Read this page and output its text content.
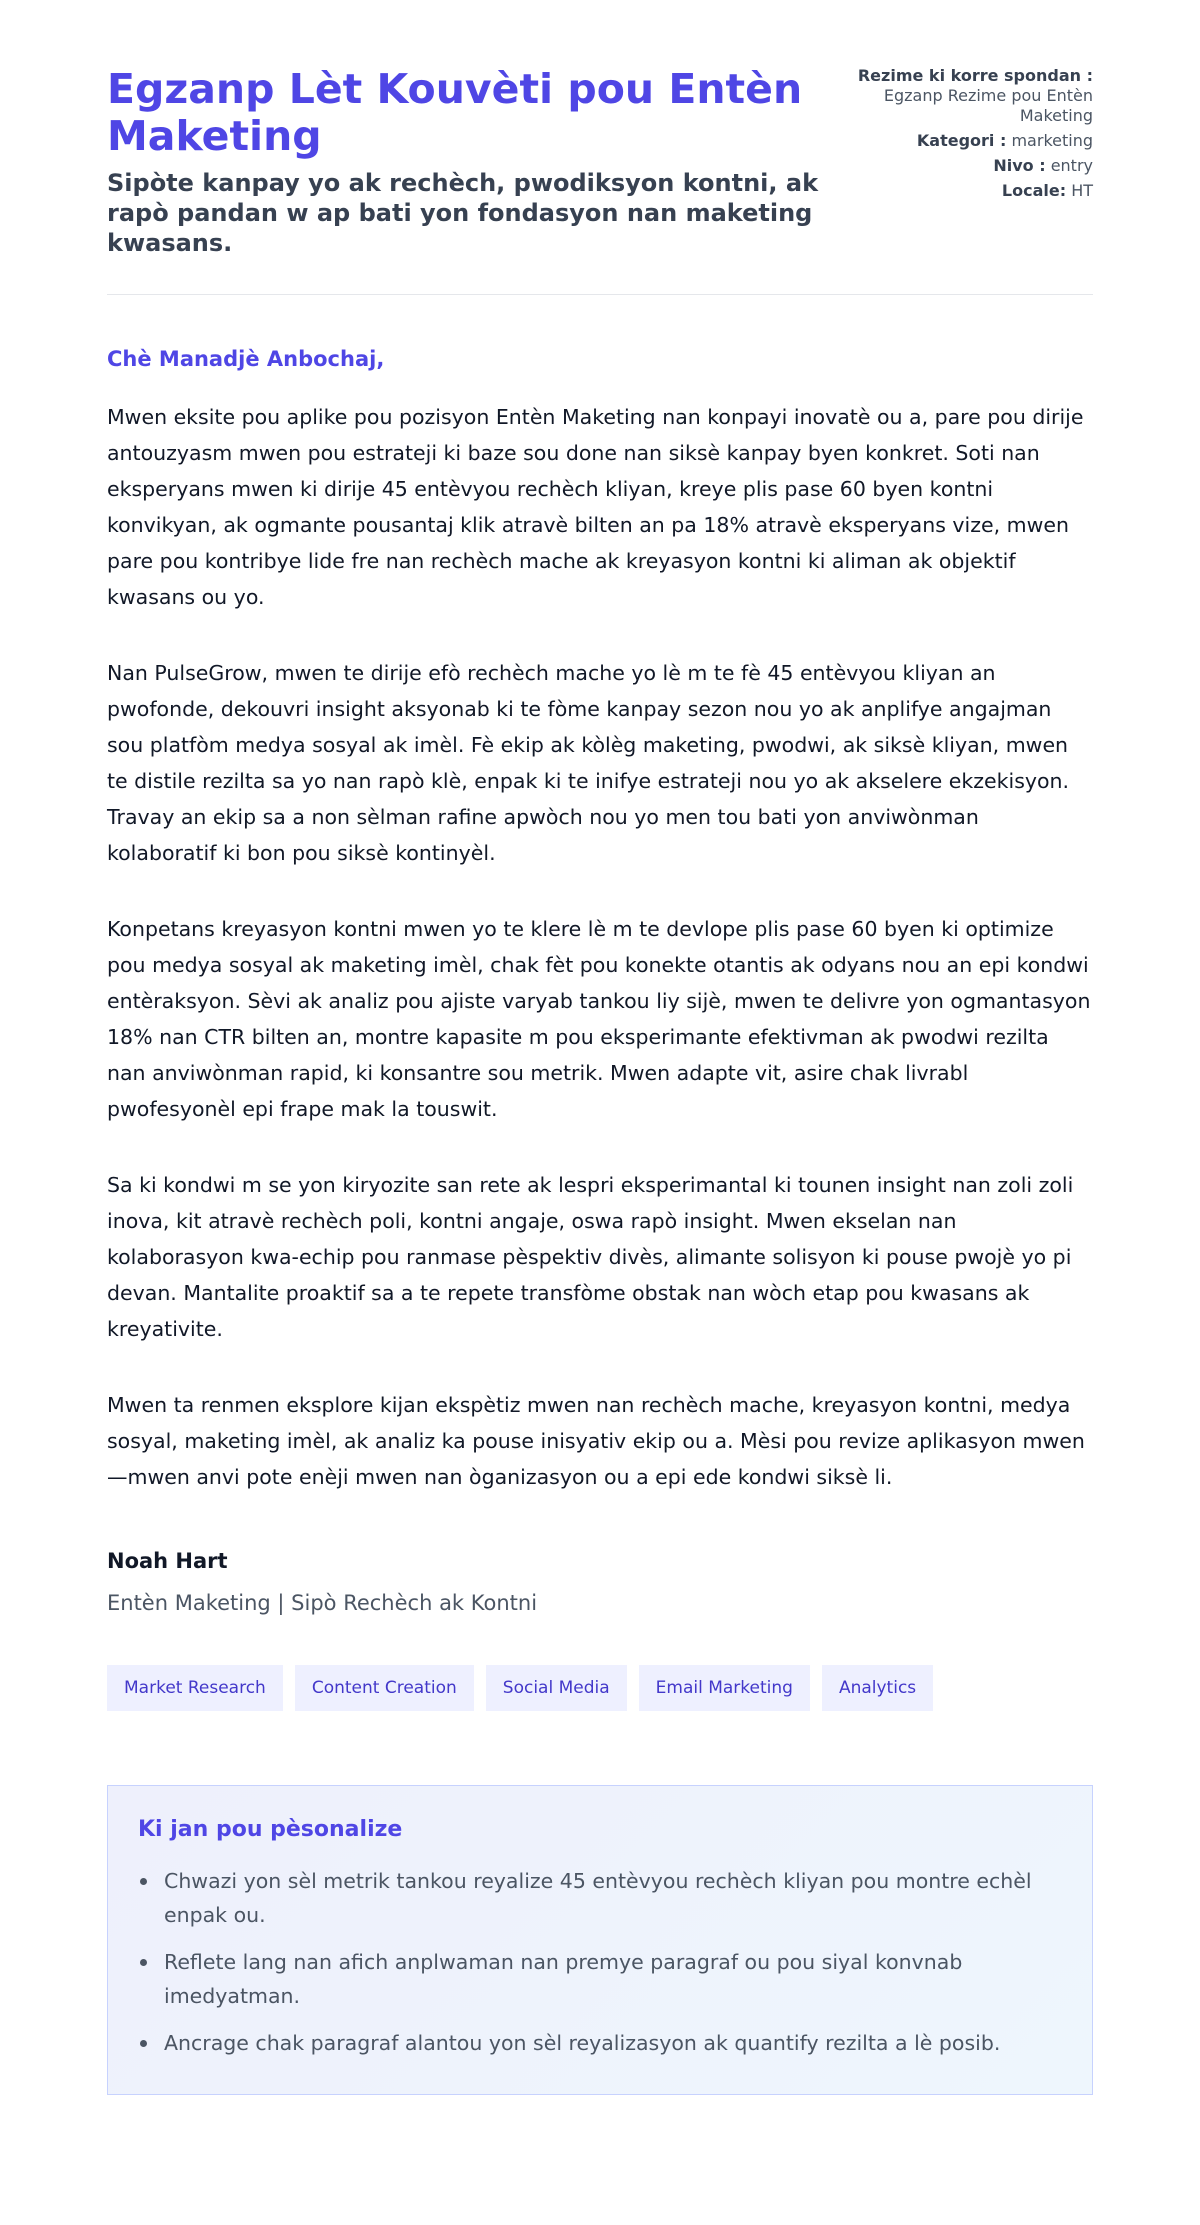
Egzanp Lèt Kouvèti pou Entèn Maketing
Sipòte kanpay yo ak rechèch, pwodiksyon kontni, ak rapò pandan w ap bati yon fondasyon nan maketing kwasans.
Rezime ki korre spondan : Egzanp Rezime pou Entèn Maketing
Kategori : marketing
Nivo : entry
Locale: HT
Chè Manadjè Anbochaj,

Mwen eksite pou aplike pou pozisyon Entèn Maketing nan konpayi inovatè ou a, pare pou dirije antouzyasm mwen pou estrateji ki baze sou done nan siksè kanpay byen konkret. Soti nan eksperyans mwen ki dirije 45 entèvyou rechèch kliyan, kreye plis pase 60 byen kontni konvikyan, ak ogmante pousantaj klik atravè bilten an pa 18% atravè eksperyans vize, mwen pare pou kontribye lide fre nan rechèch mache ak kreyasyon kontni ki aliman ak objektif kwasans ou yo.

Nan PulseGrow, mwen te dirije efò rechèch mache yo lè m te fè 45 entèvyou kliyan an pwofonde, dekouvri insight aksyonab ki te fòme kanpay sezon nou yo ak anplifye angajman sou platfòm medya sosyal ak imèl. Fè ekip ak kòlèg maketing, pwodwi, ak siksè kliyan, mwen te distile rezilta sa yo nan rapò klè, enpak ki te inifye estrateji nou yo ak akselere ekzekisyon. Travay an ekip sa a non sèlman rafine apwòch nou yo men tou bati yon anviwònman kolaboratif ki bon pou siksè kontinyèl.

Konpetans kreyasyon kontni mwen yo te klere lè m te devlope plis pase 60 byen ki optimize pou medya sosyal ak maketing imèl, chak fèt pou konekte otantis ak odyans nou an epi kondwi entèraksyon. Sèvi ak analiz pou ajiste varyab tankou liy sijè, mwen te delivre yon ogmantasyon 18% nan CTR bilten an, montre kapasite m pou eksperimante efektivman ak pwodwi rezilta nan anviwònman rapid, ki konsantre sou metrik. Mwen adapte vit, asire chak livrabl pwofesyonèl epi frape mak la touswit.

Sa ki kondwi m se yon kiryozite san rete ak lespri eksperimantal ki tounen insight nan zoli zoli inova, kit atravè rechèch poli, kontni angaje, oswa rapò insight. Mwen ekselan nan kolaborasyon kwa-echip pou ranmase pèspektiv divès, alimante solisyon ki pouse pwojè yo pi devan. Mantalite proaktif sa a te repete transfòme obstak nan wòch etap pou kwasans ak kreyativite.

Mwen ta renmen eksplore kijan ekspètiz mwen nan rechèch mache, kreyasyon kontni, medya sosyal, maketing imèl, ak analiz ka pouse inisyativ ekip ou a. Mèsi pou revize aplikasyon mwen—mwen anvi pote enèji mwen nan òganizasyon ou a epi ede kondwi siksè li.

Noah Hart
Entèn Maketing | Sipò Rechèch ak Kontni
Market Research	Content Creation	Social Media	Email Marketing	Analytics
Ki jan pou pèsonalize
Chwazi yon sèl metrik tankou reyalize 45 entèvyou rechèch kliyan pou montre echèl enpak ou.
Reflete lang nan afich anplwaman nan premye paragraf ou pou siyal konvnab imedyatman.
Ancrage chak paragraf alantou yon sèl reyalizasyon ak quantify rezilta a lè posib.
